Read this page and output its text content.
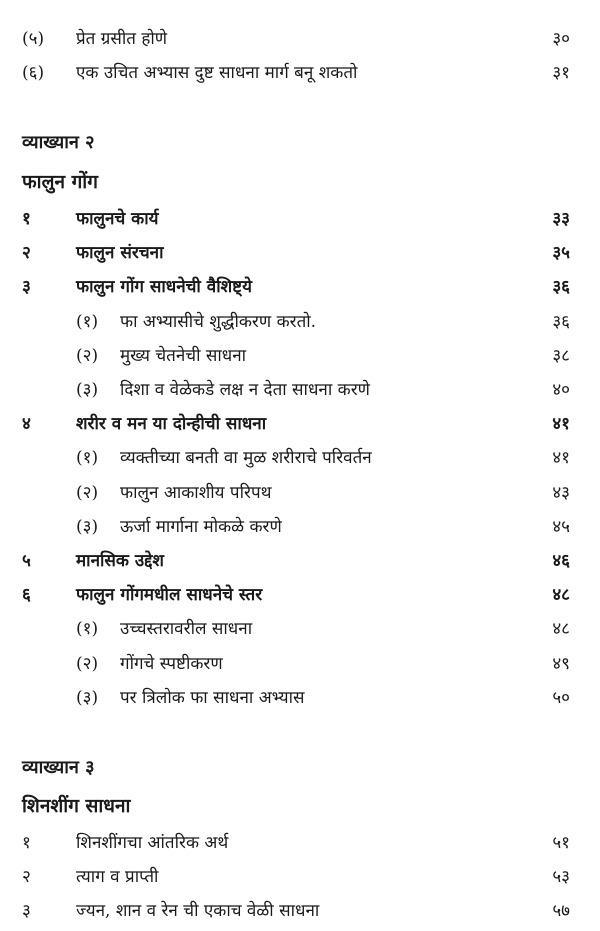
(५) प्रेत ग्रसीत होणे	३०
(६) एक उचित अभ्यास दुष्ट साधना मार्ग बनू शकतो	३१
व्याख्यान २
फालुन गोंग
१	फालुनचे कार्य	३३
२	फालुन संरचना	३५
३	फालुन गोंग साधनेची वैशिष्ट्ये	३६
(१) फा अभ्यासीचे शुद्धीकरण करतो.	३६
(२) मुख्य चेतनेची साधना	३८
(३) दिशा व वेळेकडे लक्ष न देता साधना करणे	४०
४	शरीर व मन या दोन्हीची साधना	४१
(१) व्यक्तीच्या बनती वा मुळ शरीराचे परिवर्तन	४१
(२) फालुन आकाशीय परिपथ	४३
(३) ऊर्जा मार्गाना मोकळे करणे	४५
५	मानसिक उद्देश	४६
६	फालुन गोंगमधील साधनेचे स्तर	४८
(१) उच्चस्तरावरील साधना	४८
(२) गोंगचे स्पष्टीकरण	४९
(३) पर त्रिलोक फा साधना अभ्यास	५०
व्याख्यान ३
शिनशींग साधना
१	शिनशींगचा आंतरिक अर्थ	५१
२	त्याग व प्राप्ती	५३
३	ज्यन, शान व रेन ची एकाच वेळी साधना	५७
